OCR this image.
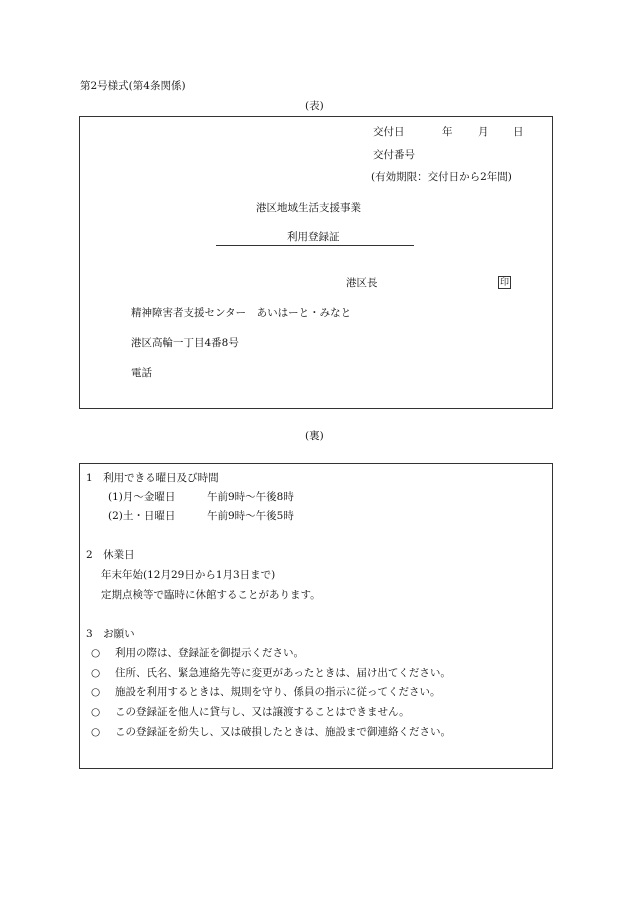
第2号様式(第4条関係)
(表)
交付日	年 月 日
交付番号
(有効期限：交付日から2年間)
港区地域生活支援事業
利用登録証
港区長	印
精神障害者支援センター　あいはーと・みなと
港区高輪一丁目4番8号
電話
(裏)
1　利用できる曜日及び時間
(1)月～金曜日	午前9時～午後8時
(2)土・日曜日	午前9時～午後5時
2　休業日
年末年始(12月29日から1月3日まで)
定期点検等で臨時に休館することがあります。
3　お願い
○ 利用の際は、登録証を御提示ください。
○ 住所、氏名、緊急連絡先等に変更があったときは、届け出てください。
○ 施設を利用するときは、規則を守り、係員の指示に従ってください。
○ この登録証を他人に貸与し、又は譲渡することはできません。
○ この登録証を紛失し、又は破損したときは、施設まで御連絡ください。
